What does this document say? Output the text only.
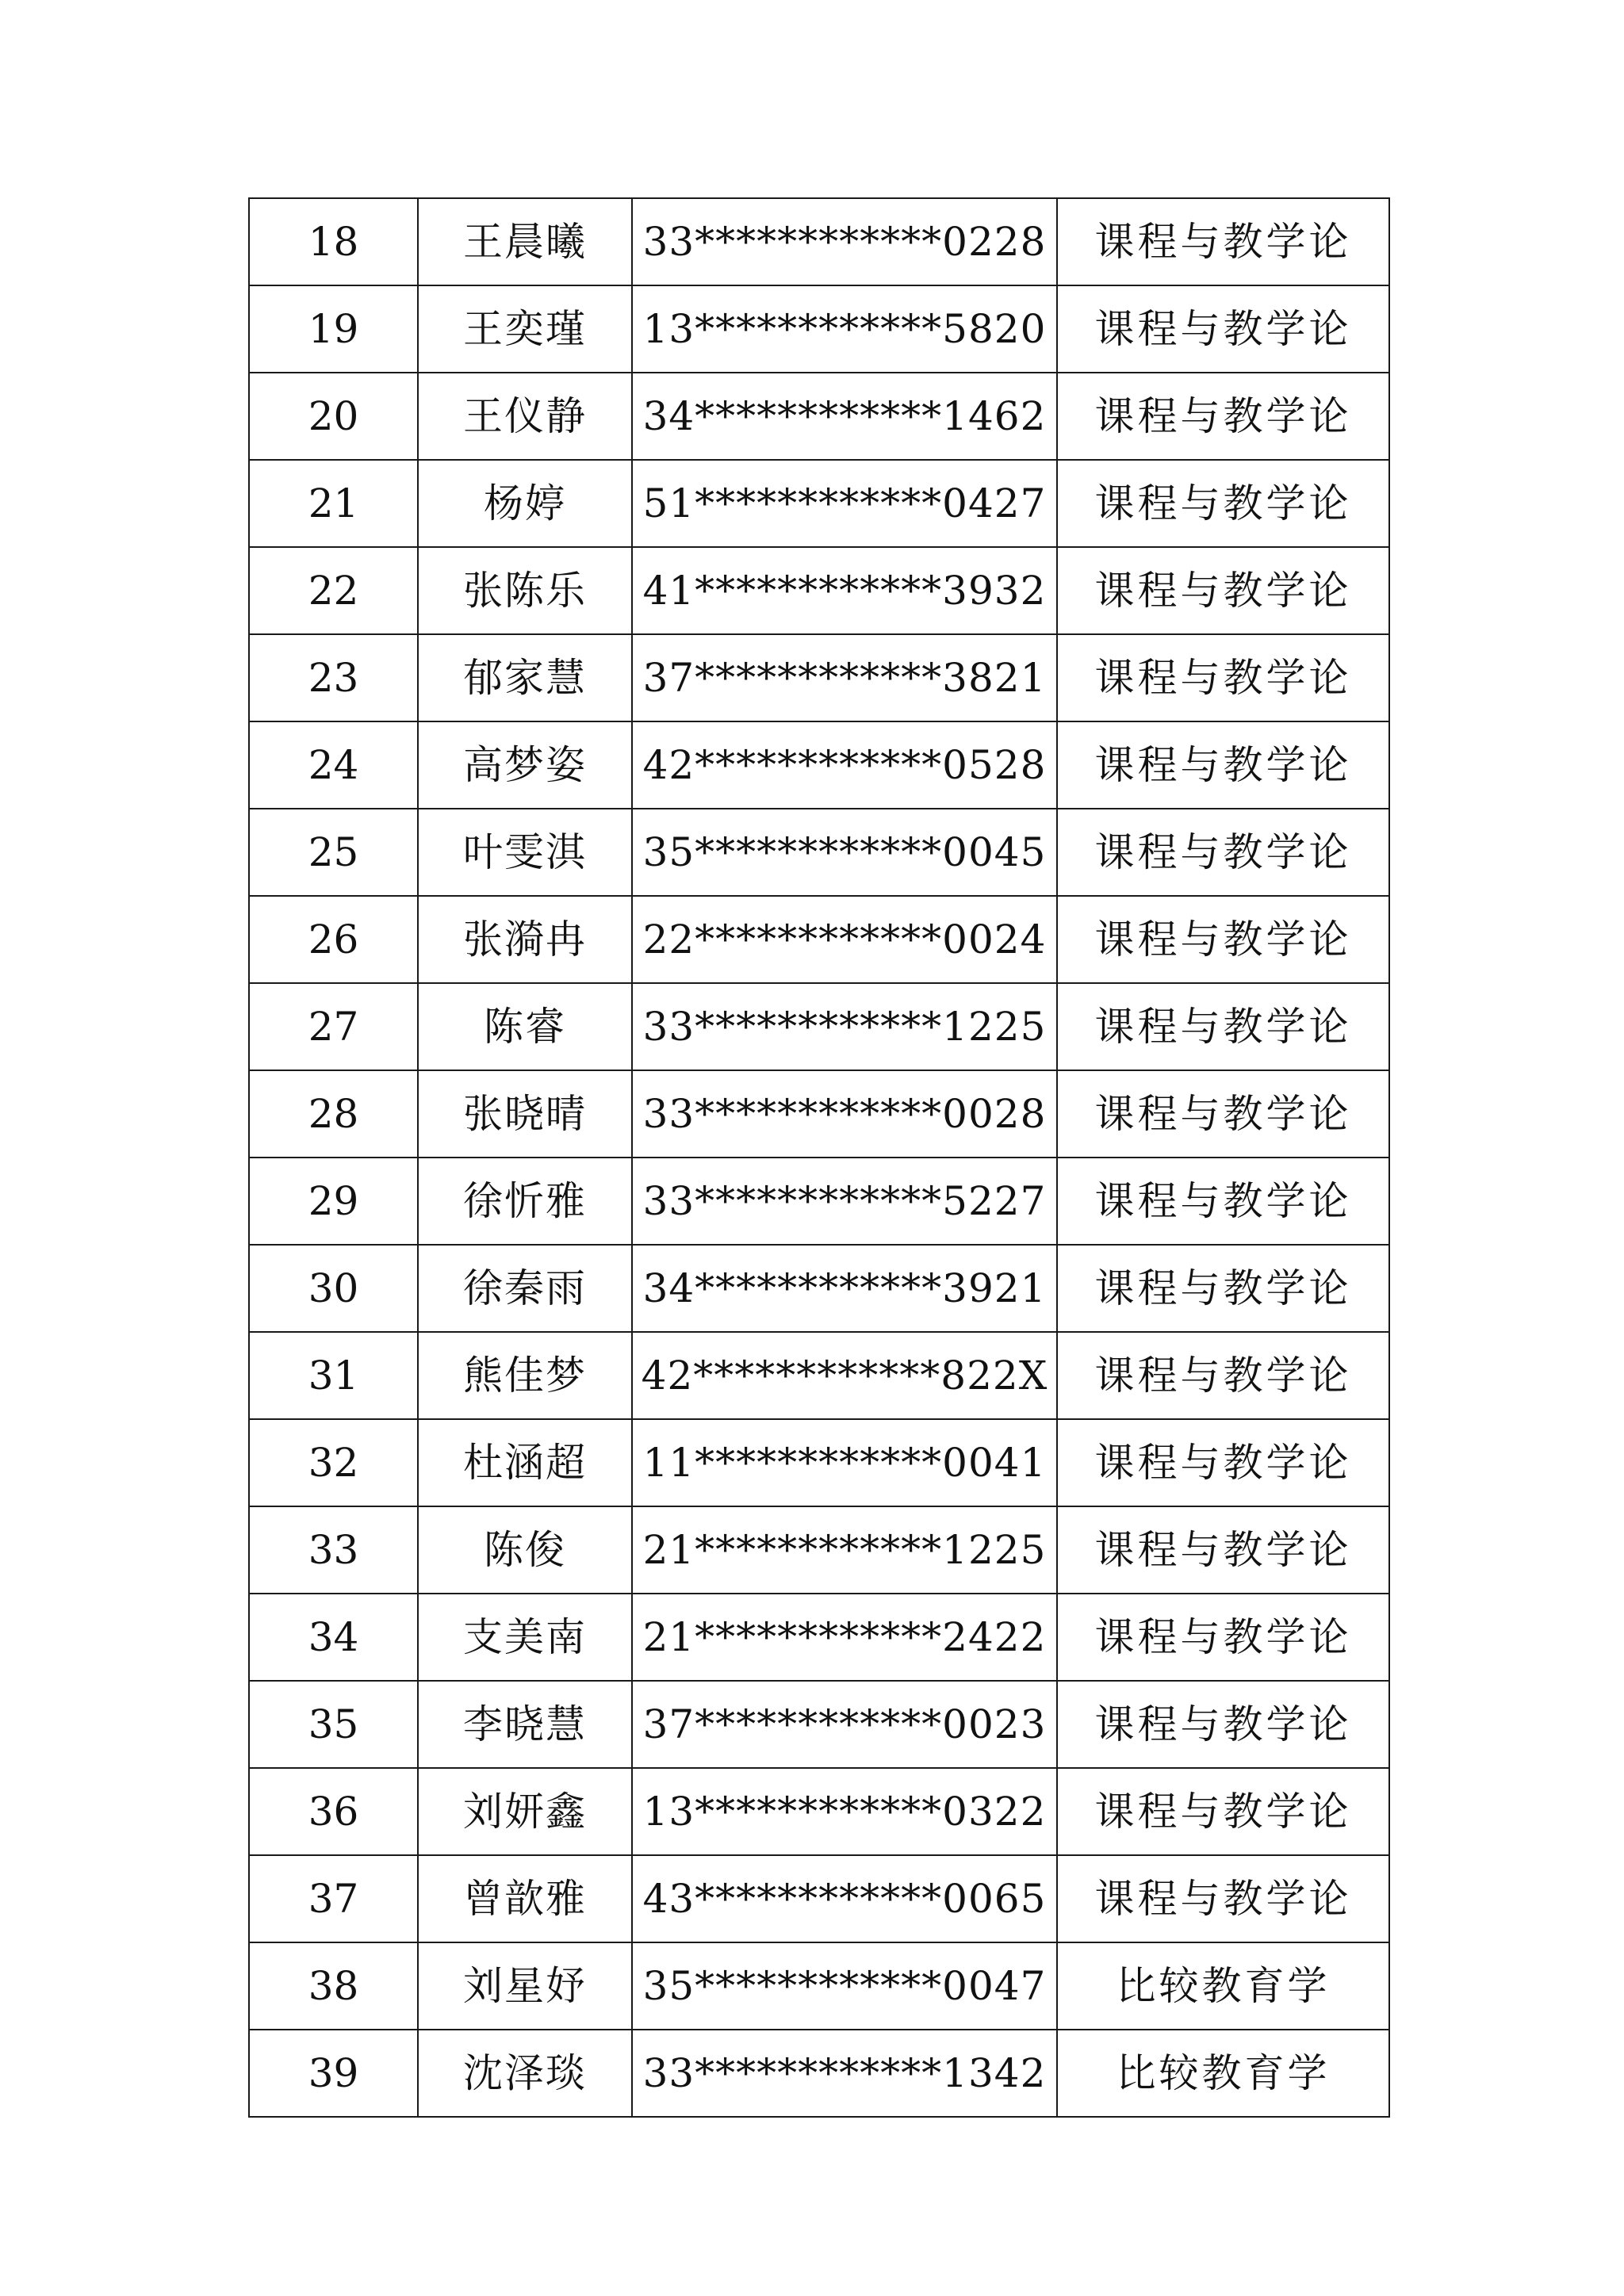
18	王晨曦	33************0228	课程与教学论
19	王奕瑾	13************5820	课程与教学论
20	王仪静	34************1462	课程与教学论
21	杨婷	51************0427	课程与教学论
22	张陈乐	41************3932	课程与教学论
23	郁家慧	37************3821	课程与教学论
24	高梦姿	42************0528	课程与教学论
25	叶雯淇	35************0045	课程与教学论
26	张漪冉	22************0024	课程与教学论
27	陈睿	33************1225	课程与教学论
28	张晓晴	33************0028	课程与教学论
29	徐忻雅	33************5227	课程与教学论
30	徐秦雨	34************3921	课程与教学论
31	熊佳梦	42************822X	课程与教学论
32	杜涵超	11************0041	课程与教学论
33	陈俊	21************1225	课程与教学论
34	支美南	21************2422	课程与教学论
35	李晓慧	37************0023	课程与教学论
36	刘妍鑫	13************0322	课程与教学论
37	曾歆雅	43************0065	课程与教学论
38	刘星妤	35************0047	比较教育学
39	沈泽琰	33************1342	比较教育学
